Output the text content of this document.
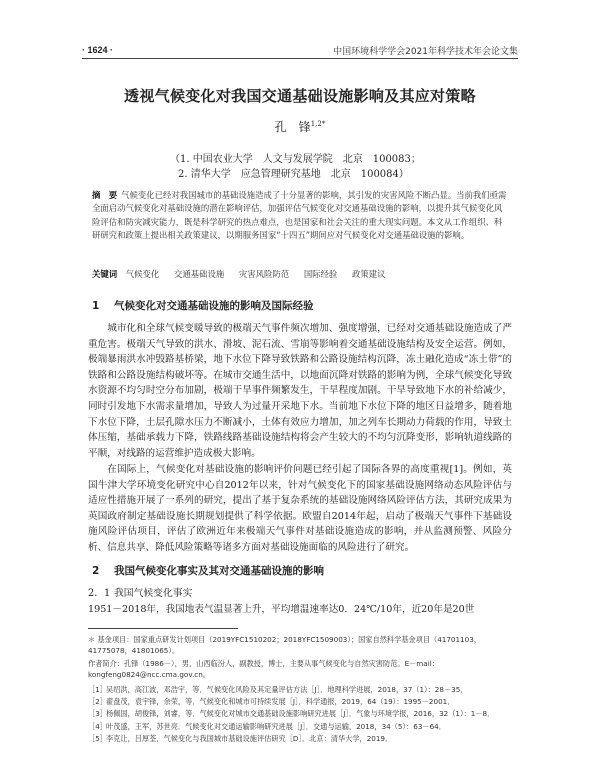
· 1624 ·	中国环境科学学会2021年科学技术年会论文集
透视气候变化对我国交通基础设施影响及其应对策略
孔　锋$^{1,2*}$
（1. 中国农业大学　人文与发展学院　北京　100083；
2. 清华大学　应急管理研究基地　北京　100084）
摘　要 气候变化已经对我国城市的基础设施造成了十分显著的影响，其引发的灾害风险不断凸显。当前我们亟需全面启动气候变化对基础设施的潜在影响评估，加强评估气候变化对交通基础设施的影响，以提升其气候变化风险评估和防灾减灾能力，既是科学研究的热点难点，也是国家和社会关注的重大现实问题。本文从工作组织、科研研究和政策上提出相关政策建议，以期服务国家“十四五”期间应对气候变化对交通基础设施的影响。
关键词 气候变化 交通基础设施 灾害风险防范 国际经验 政策建议
1 气候变化对交通基础设施的影响及国际经验
城市化和全球气候变暖导致的极端天气事件频次增加、强度增强，已经对交通基础设施造成了严重危害。极端天气导致的洪水、滑坡、泥石流、雪崩等影响着交通基础设施结构及安全运营。例如，极端暴雨洪水冲毁路基桥梁，地下水位下降导致铁路和公路设施结构沉降，冻土融化造成“冻土带”的铁路和公路设施结构破坏等。在城市交通生活中，以地面沉降对铁路的影响为例，全球气候变化导致水资源不均匀时空分布加剧，极端干旱事件频繁发生，干旱程度加剧。干旱导致地下水的补给减少，同时引发地下水需求量增加，导致人为过量开采地下水。当前地下水位下降的地区日益增多，随着地下水位下降，土层孔隙水压力不断减小，土体有效应力增加，加之列车长期动力荷载的作用，导致土体压缩，基础承载力下降，铁路线路基础设施结构将会产生较大的不均匀沉降变形，影响轨道线路的平顺，对线路的运营维护造成极大影响。
在国际上，气候变化对基础设施的影响评价问题已经引起了国际各界的高度重视[1]。例如，英国牛津大学环境变化研究中心自2012年以来，针对气候变化下的国家基础设施网络动态风险评估与适应性措施开展了一系列的研究，提出了基于复杂系统的基础设施网络风险评估方法，其研究成果为英国政府制定基础设施长期规划提供了科学依据。欧盟自2014年起，启动了极端天气事件下基础设施风险评估项目，评估了欧洲近年来极端天气事件对基础设施造成的影响，并从监测预警、风险分析、信息共享、降低风险策略等诸多方面对基础设施面临的风险进行了研究。
2 我国气候变化事实及其对交通基础设施的影响
2．1 我国气候变化事实
1951－2018年，我国地表气温显著上升，平均增温速率达0．24℃/10年，近20年是20世
＊ 基金项目：国家重点研发计划项目（2019YFC1510202；2018YFC1509003）；国家自然科学基金项目（41701103，41775078，41801065）。
作者简介：孔锋（1986－），男，山西临汾人，副教授，博士，主要从事气候变化与自然灾害防范。E－mail：kongfeng0824@ncc.cma.gov.cn。
［1］吴绍洪，高江波，邓浩宇，等．气候变化风险及其定量评估方法［J］．地理科学进展，2018，37（1）：28－35．
［2］翟盘茂，袁宇锋，余荣，等．气候变化和城市可持续发展［J］．科学通报，2019，64（19）：1995－2001．
［3］杨佩国，胡俊锋，刘睿，等．气候变化对城市交通基础设施影响研究进展［J］．气象与环境学报，2016，32（1）：1－8．
［4］叶茂盛，王军，苏世亮．气候变化对交通运输影响研究进展［J］．交通与运输，2018，34（5）：63－64．
［5］李克让，吕厚荃．气候变化与我国城市基础设施评估研究［D］．北京：清华大学，2019．
